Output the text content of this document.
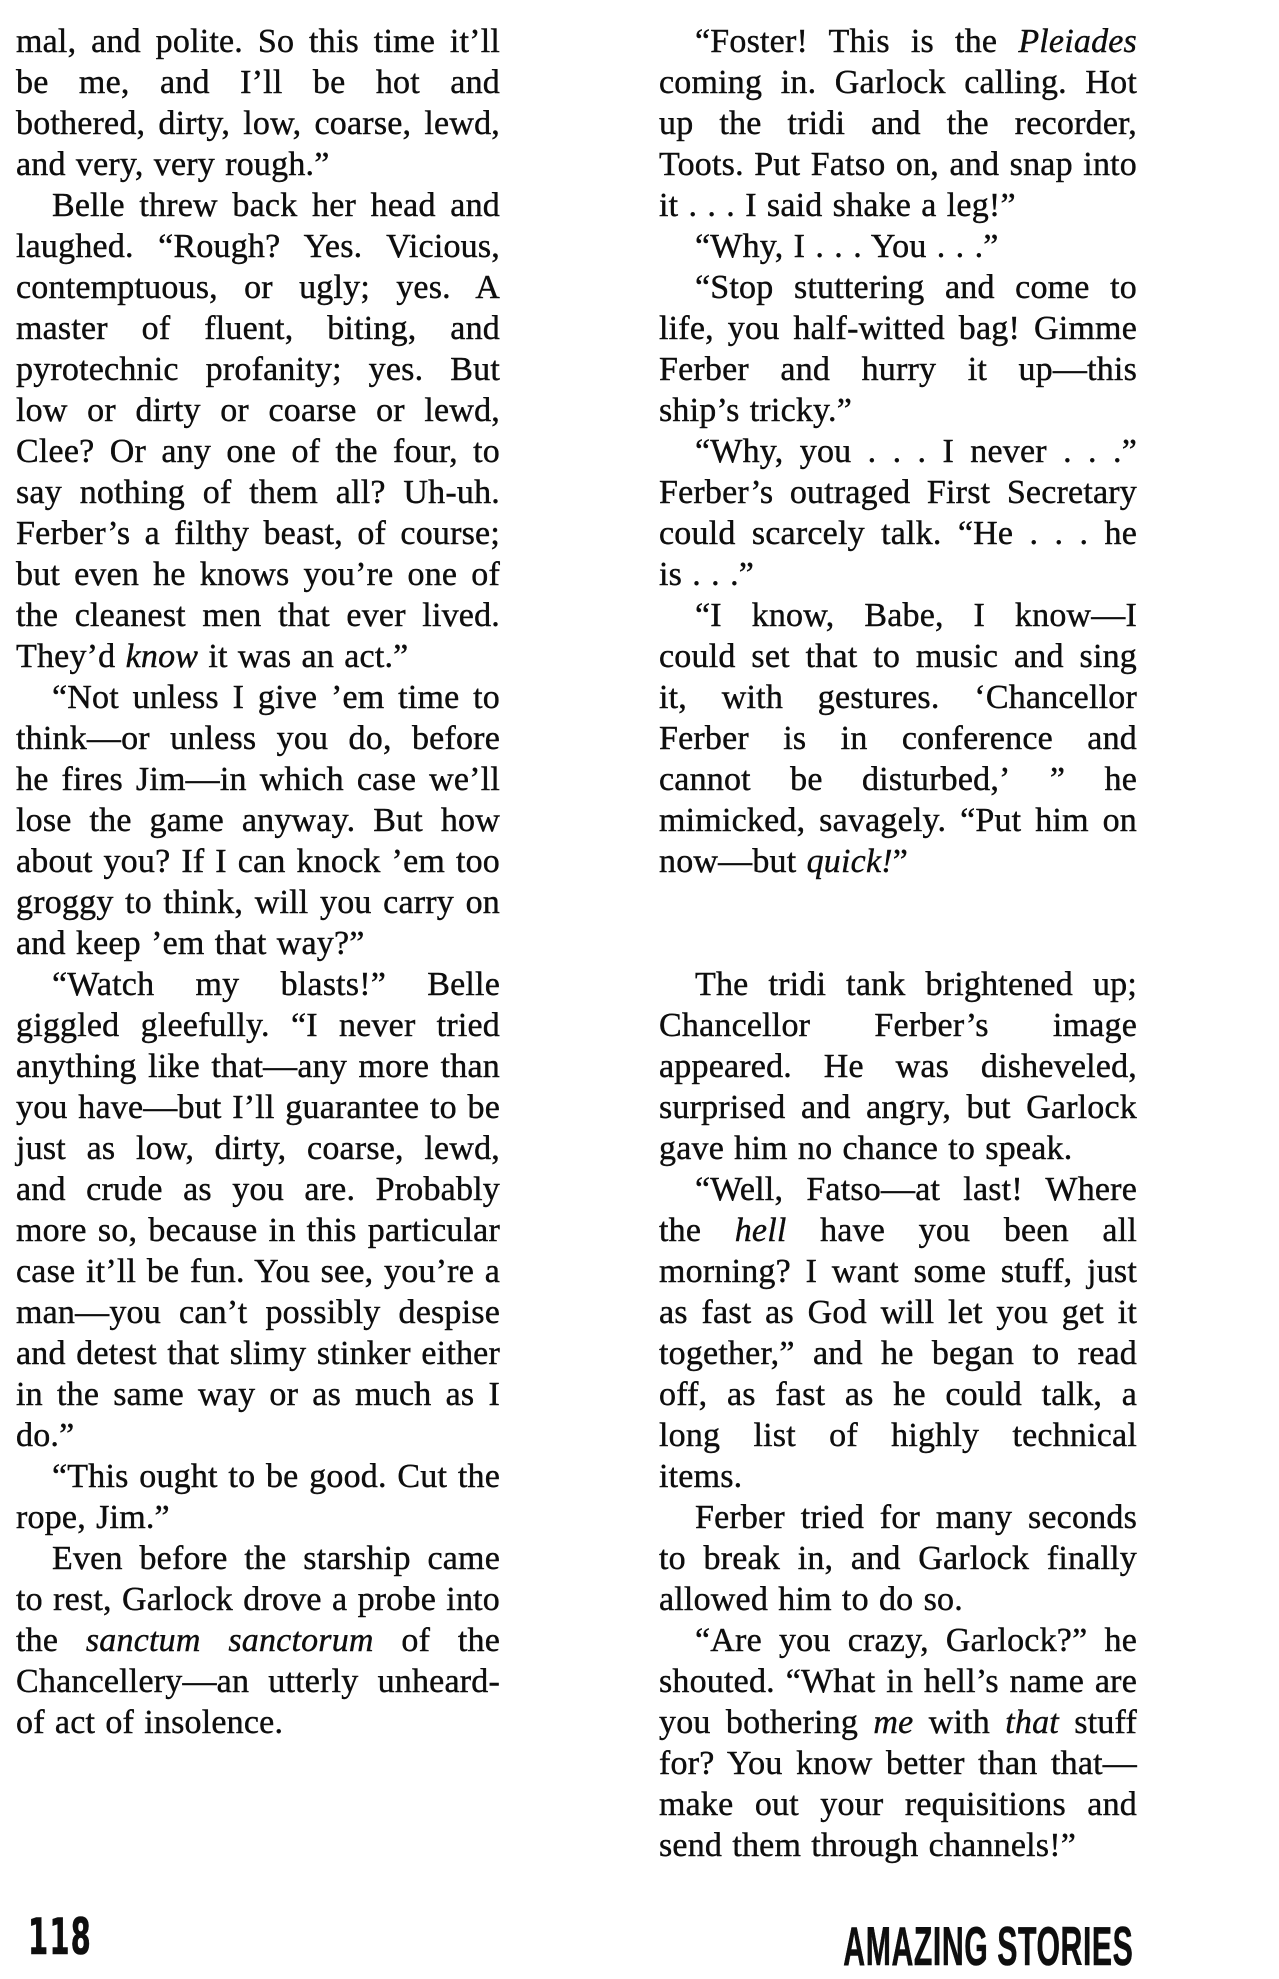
mal, and polite. So this time it’ll be me, and I’ll be hot and bothered, dirty, low, coarse, lewd, and very, very rough.”

Belle threw back her head and laughed. “Rough? Yes. Vicious, contemptuous, or ugly; yes. A master of fluent, biting, and pyrotechnic profanity; yes. But low or dirty or coarse or lewd, Clee? Or any one of the four, to say nothing of them all? Uh-uh. Ferber’s a filthy beast, of course; but even he knows you’re one of the cleanest men that ever lived. They’d know it was an act.”

“Not unless I give ’em time to think—or unless you do, before he fires Jim—in which case we’ll lose the game anyway. But how about you? If I can knock ’em too groggy to think, will you carry on and keep ’em that way?”

“Watch my blasts!” Belle giggled gleefully. “I never tried anything like that—any more than you have—but I’ll guarantee to be just as low, dirty, coarse, lewd, and crude as you are. Probably more so, because in this particular case it’ll be fun. You see, you’re a man—you can’t possibly despise and detest that slimy stinker either in the same way or as much as I do.”

“This ought to be good. Cut the rope, Jim.”

Even before the starship came to rest, Garlock drove a probe into the sanctum sanctorum of the Chancellery—an utterly unheard-of act of insolence.

“Foster! This is the Pleiades coming in. Garlock calling. Hot up the tridi and the recorder, Toots. Put Fatso on, and snap into it . . . I said shake a leg!”

“Why, I . . . You . . .”

“Stop stuttering and come to life, you half-witted bag! Gimme Ferber and hurry it up—this ship’s tricky.”

“Why, you . . . I never . . .” Ferber’s outraged First Secretary could scarcely talk. “He . . . he is . . .”

“I know, Babe, I know—I could set that to music and sing it, with gestures. ‘Chancellor Ferber is in conference and cannot be disturbed,’ ” he mimicked, savagely. “Put him on now—but quick!”

The tridi tank brightened up; Chancellor Ferber’s image appeared. He was disheveled, surprised and angry, but Garlock gave him no chance to speak.

“Well, Fatso—at last! Where the hell have you been all morning? I want some stuff, just as fast as God will let you get it together,” and he began to read off, as fast as he could talk, a long list of highly technical items.

Ferber tried for many seconds to break in, and Garlock finally allowed him to do so.

“Are you crazy, Garlock?” he shouted. “What in hell’s name are you bothering me with that stuff for? You know better than that—make out your requisitions and send them through channels!”

118	AMAZING STORIES
